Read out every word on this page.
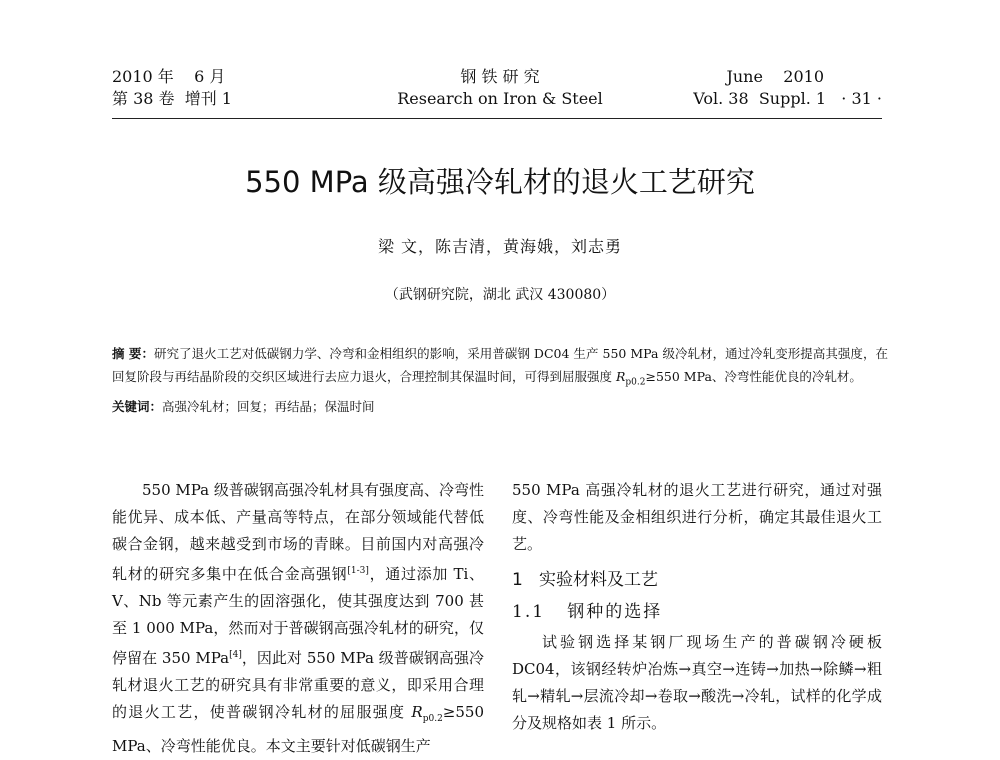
2010 年    6 月
第 38 卷  增刊 1
钢 铁 研 究
Research on Iron & Steel
June    2010
Vol. 38  Suppl. 1   · 31 ·
550 MPa 级高强冷轧材的退火工艺研究
梁 文，陈吉清，黄海娥，刘志勇
（武钢研究院，湖北 武汉 430080）
摘 要：研究了退火工艺对低碳钢力学、冷弯和金相组织的影响，采用普碳钢 DC04 生产 550 MPa 级冷轧材，通过冷轧变形提高其强度，在回复阶段与再结晶阶段的交织区域进行去应力退火，合理控制其保温时间，可得到屈服强度 $R_{p0.2}\ge 550$ MPa、冷弯性能优良的冷轧材。
关键词：高强冷轧材；回复；再结晶；保温时间

550 MPa 级普碳钢高强冷轧材具有强度高、冷弯性能优异、成本低、产量高等特点，在部分领域能代替低碳合金钢，越来越受到市场的青睐。目前国内对高强冷轧材的研究多集中在低合金高强钢[1-3]，通过添加 Ti、V、Nb 等元素产生的固溶强化，使其强度达到 700 甚至 1 000 MPa，然而对于普碳钢高强冷轧材的研究，仅停留在 350 MPa[4]，因此对 550 MPa 级普碳钢高强冷轧材退火工艺的研究具有非常重要的意义，即采用合理的退火工艺，使普碳钢冷轧材的屈服强度 $R_{p0.2}\ge 550$ MPa、冷弯性能优良。本文主要针对低碳钢生产

550 MPa 高强冷轧材的退火工艺进行研究，通过对强度、冷弯性能及金相组织进行分析，确定其最佳退火工艺。

1   实验材料及工艺
1.1   钢种的选择

试验钢选择某钢厂现场生产的普碳钢冷硬板 DC04，该钢经转炉冶炼→真空→连铸→加热→除鳞→粗轧→精轧→层流冷却→卷取→酸洗→冷轧，试样的化学成分及规格如表 1 所示。
